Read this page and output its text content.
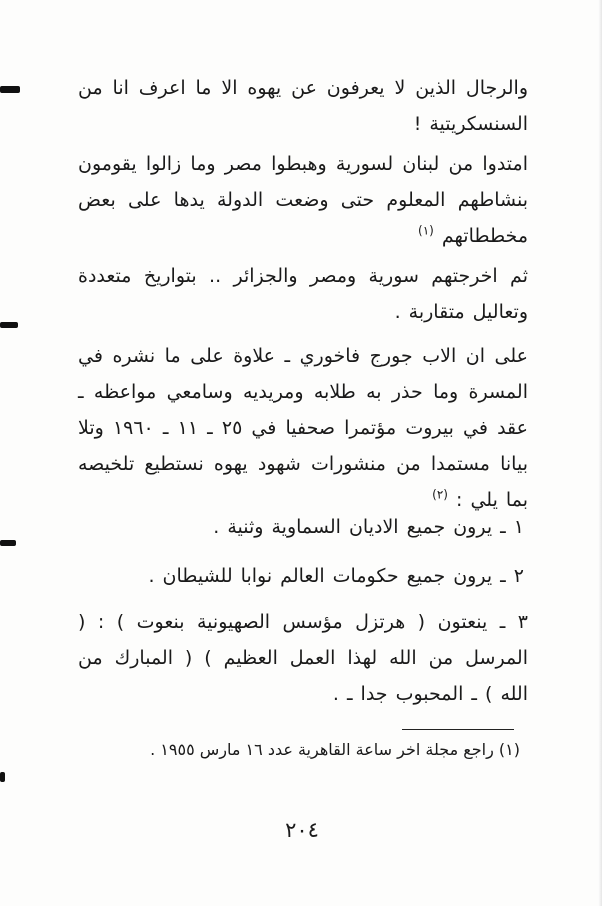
والرجال الذين لا يعرفون عن يهوه الا ما اعرف انا من السنسكريتية !

امتدوا من لبنان لسورية وهبطوا مصر وما زالوا يقومون بنشاطهم المعلوم حتى وضعت الدولة يدها على بعض مخططاتهم $^{(١)}$

ثم اخرجتهم سورية ومصر والجزائر .. بتواريخ متعددة وتعاليل متقاربة .

على ان الاب جورج فاخوري ـ علاوة على ما نشره في المسرة وما حذر به طلابه ومريديه وسامعي مواعظه ـ عقد في بيروت مؤتمرا صحفيا في ٢٥ ـ ١١ ـ ١٩٦٠ وتلا بيانا مستمدا من منشورات شهود يهوه نستطيع تلخيصه بما يلي : $^{(٢)}$

١ ـ يرون جميع الاديان السماوية وثنية .

٢ ـ يرون جميع حكومات العالم نوابا للشيطان .

٣ ـ ينعتون ( هرتزل مؤسس الصهيونية بنعوت ) : ( المرسل من الله لهذا العمل العظيم ) ( المبارك من الله ) ـ المحبوب جدا ـ .

(١) راجع مجلة اخر ساعة القاهرية عدد ١٦ مارس ١٩٥٥ .

٢٠٤
